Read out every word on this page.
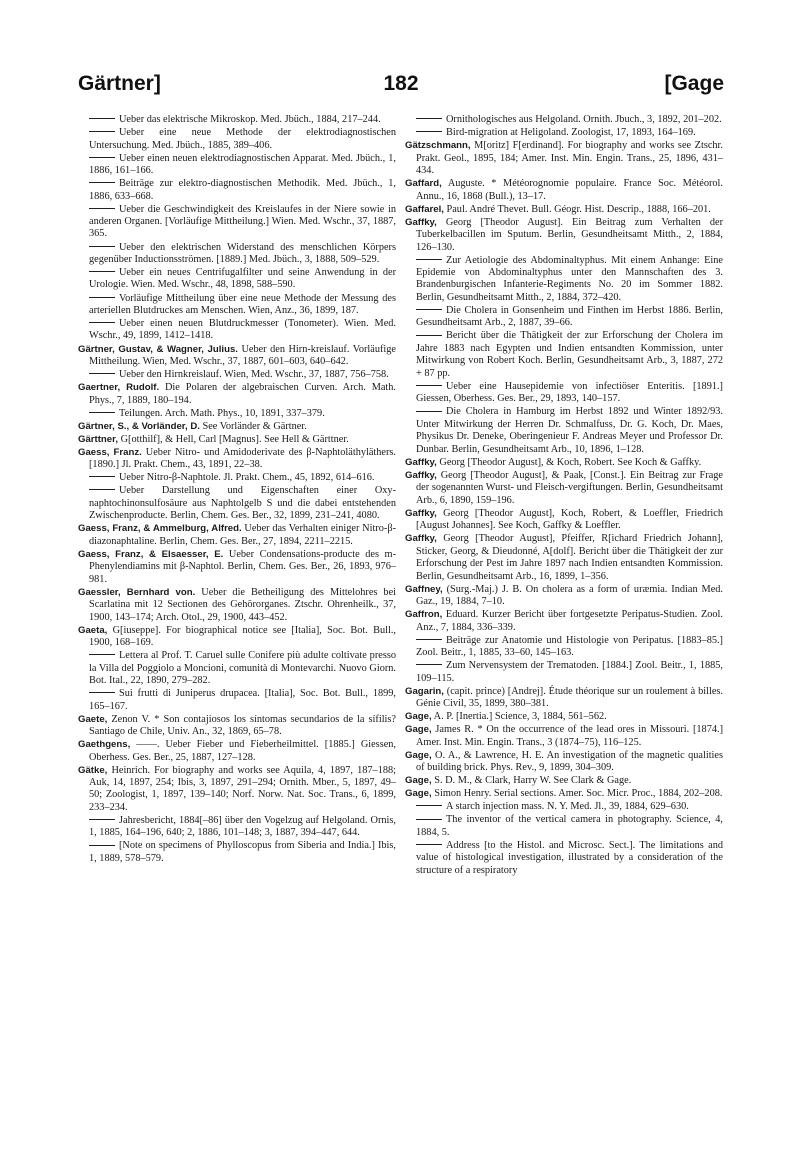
Gärtner]	182	[Gage

Ueber das elektrische Mikroskop. Med. Jbüch., 1884, 217–244.

Ueber eine neue Methode der elektrodiagnostischen Untersuchung. Med. Jbüch., 1885, 389–406.

Ueber einen neuen elektrodiagnostischen Apparat. Med. Jbüch., 1, 1886, 161–166.

Beiträge zur elektro-diagnostischen Methodik. Med. Jbüch., 1, 1886, 633–668.

Ueber die Geschwindigkeit des Kreislaufes in der Niere sowie in anderen Organen. [Vorläufige Mittheilung.] Wien. Med. Wschr., 37, 1887, 365.

Ueber den elektrischen Widerstand des menschlichen Körpers gegenüber Inductionsströmen. [1889.] Med. Jbüch., 3, 1888, 509–529.

Ueber ein neues Centrifugalfilter und seine Anwendung in der Urologie. Wien. Med. Wschr., 48, 1898, 588–590.

Vorläufige Mittheilung über eine neue Methode der Messung des arteriellen Blutdruckes am Menschen. Wien, Anz., 36, 1899, 187.

Ueber einen neuen Blutdruckmesser (Tonometer). Wien. Med. Wschr., 49, 1899, 1412–1418.

Gärtner, Gustav, & Wagner, Julius. Ueber den Hirn-kreislauf. Vorläufige Mittheilung. Wien, Med. Wschr., 37, 1887, 601–603, 640–642.

Ueber den Hirnkreislauf. Wien, Med. Wschr., 37, 1887, 756–758.

Gaertner, Rudolf. Die Polaren der algebraischen Curven. Arch. Math. Phys., 7, 1889, 180–194.

Teilungen. Arch. Math. Phys., 10, 1891, 337–379.

Gärtner, S., & Vorländer, D. See Vorländer & Gärtner.

Gärttner, G[otthilf], & Hell, Carl [Magnus]. See Hell & Gärttner.

Gaess, Franz. Ueber Nitro- und Amidoderivate des β-Naphtoläthyläthers. [1890.] Jl. Prakt. Chem., 43, 1891, 22–38.

Ueber Nitro-β-Naphtole. Jl. Prakt. Chem., 45, 1892, 614–616.

Ueber Darstellung und Eigenschaften einer Oxy-naphtochinonsulfosäure aus Naphtolgelb S und die dabei entstehenden Zwischenproducte. Berlin, Chem. Ges. Ber., 32, 1899, 231–241, 4080.

Gaess, Franz, & Ammelburg, Alfred. Ueber das Verhalten einiger Nitro-β-diazonaphtaline. Berlin, Chem. Ges. Ber., 27, 1894, 2211–2215.

Gaess, Franz, & Elsaesser, E. Ueber Condensations-producte des m-Phenylendiamins mit β-Naphtol. Berlin, Chem. Ges. Ber., 26, 1893, 976–981.

Gaessler, Bernhard von. Ueber die Betheiligung des Mittelohres bei Scarlatina mit 12 Sectionen des Gehörorganes. Ztschr. Ohrenheilk., 37, 1900, 143–174; Arch. Otol., 29, 1900, 443–452.

Gaeta, G[iuseppe]. For biographical notice see [Italia], Soc. Bot. Bull., 1900, 168–169.

Lettera al Prof. T. Caruel sulle Conifere più adulte coltivate presso la Villa del Poggiolo a Moncioni, comunità di Montevarchi. Nuovo Giorn. Bot. Ital., 22, 1890, 279–282.

Sui frutti di Juniperus drupacea. [Italia], Soc. Bot. Bull., 1899, 165–167.

Gaete, Zenon V. * Son contajiosos los síntomas secundarios de la sífilis? Santiago de Chile, Univ. An., 32, 1869, 65–78.

Gaethgens, ——. Ueber Fieber und Fieberheilmittel. [1885.] Giessen, Oberhess. Ges. Ber., 25, 1887, 127–128.

Gätke, Heinrich. For biography and works see Aquila, 4, 1897, 187–188; Auk, 14, 1897, 254; Ibis, 3, 1897, 291–294; Ornith. Mber., 5, 1897, 49–50; Zoologist, 1, 1897, 139–140; Norf. Norw. Nat. Soc. Trans., 6, 1899, 233–234.

Jahresbericht, 1884[–86] über den Vogelzug auf Helgoland. Ornis, 1, 1885, 164–196, 640; 2, 1886, 101–148; 3, 1887, 394–447, 644.

[Note on specimens of Phylloscopus from Siberia and India.] Ibis, 1, 1889, 578–579.

Ornithologisches aus Helgoland. Ornith. Jbuch., 3, 1892, 201–202.

Bird-migration at Heligoland. Zoologist, 17, 1893, 164–169.

Gätzschmann, M[oritz] F[erdinand]. For biography and works see Ztschr. Prakt. Geol., 1895, 184; Amer. Inst. Min. Engin. Trans., 25, 1896, 431–434.

Gaffard, Auguste. * Météorognomie populaire. France Soc. Météorol. Annu., 16, 1868 (Bull.), 13–17.

Gaffarel, Paul. André Thevet. Bull. Géogr. Hist. Descrip., 1888, 166–201.

Gaffky, Georg [Theodor August]. Ein Beitrag zum Verhalten der Tuberkelbacillen im Sputum. Berlin, Gesundheitsamt Mitth., 2, 1884, 126–130.

Zur Aetiologie des Abdominaltyphus. Mit einem Anhange: Eine Epidemie von Abdominaltyphus unter den Mannschaften des 3. Brandenburgischen Infanterie-Regiments No. 20 im Sommer 1882. Berlin, Gesundheitsamt Mitth., 2, 1884, 372–420.

Die Cholera in Gonsenheim und Finthen im Herbst 1886. Berlin, Gesundheitsamt Arb., 2, 1887, 39–66.

Bericht über die Thätigkeit der zur Erforschung der Cholera im Jahre 1883 nach Egypten und Indien entsandten Kommission, unter Mitwirkung von Robert Koch. Berlin, Gesundheitsamt Arb., 3, 1887, 272 + 87 pp.

Ueber eine Hausepidemie von infectiöser Enteritis. [1891.] Giessen, Oberhess. Ges. Ber., 29, 1893, 140–157.

Die Cholera in Hamburg im Herbst 1892 und Winter 1892/93. Unter Mitwirkung der Herren Dr. Schmalfuss, Dr. G. Koch, Dr. Maes, Physikus Dr. Deneke, Oberingenieur F. Andreas Meyer und Professor Dr. Dunbar. Berlin, Gesundheitsamt Arb., 10, 1896, 1–128.

Gaffky, Georg [Theodor August], & Koch, Robert. See Koch & Gaffky.

Gaffky, Georg [Theodor August], & Paak, [Const.]. Ein Beitrag zur Frage der sogenannten Wurst- und Fleisch-vergiftungen. Berlin, Gesundheitsamt Arb., 6, 1890, 159–196.

Gaffky, Georg [Theodor August], Koch, Robert, & Loeffler, Friedrich [August Johannes]. See Koch, Gaffky & Loeffler.

Gaffky, Georg [Theodor August], Pfeiffer, R[ichard Friedrich Johann], Sticker, Georg, & Dieudonné, A[dolf]. Bericht über die Thätigkeit der zur Erforschung der Pest im Jahre 1897 nach Indien entsandten Kommission. Berlin, Gesundheitsamt Arb., 16, 1899, 1–356.

Gaffney, (Surg.-Maj.) J. B. On cholera as a form of uræmia. Indian Med. Gaz., 19, 1884, 7–10.

Gaffron, Eduard. Kurzer Bericht über fortgesetzte Peripatus-Studien. Zool. Anz., 7, 1884, 336–339.

Beiträge zur Anatomie und Histologie von Peripatus. [1883–85.] Zool. Beitr., 1, 1885, 33–60, 145–163.

Zum Nervensystem der Trematoden. [1884.] Zool. Beitr., 1, 1885, 109–115.

Gagarin, (capit. prince) [Andrej]. Étude théorique sur un roulement à billes. Génie Civil, 35, 1899, 380–381.

Gage, A. P. [Inertia.] Science, 3, 1884, 561–562.

Gage, James R. * On the occurrence of the lead ores in Missouri. [1874.] Amer. Inst. Min. Engin. Trans., 3 (1874–75), 116–125.

Gage, O. A., & Lawrence, H. E. An investigation of the magnetic qualities of building brick. Phys. Rev., 9, 1899, 304–309.

Gage, S. D. M., & Clark, Harry W. See Clark & Gage.

Gage, Simon Henry. Serial sections. Amer. Soc. Micr. Proc., 1884, 202–208.

A starch injection mass. N. Y. Med. Jl., 39, 1884, 629–630.

The inventor of the vertical camera in photography. Science, 4, 1884, 5.

Address [to the Histol. and Microsc. Sect.]. The limitations and value of histological investigation, illustrated by a consideration of the structure of a respiratory
